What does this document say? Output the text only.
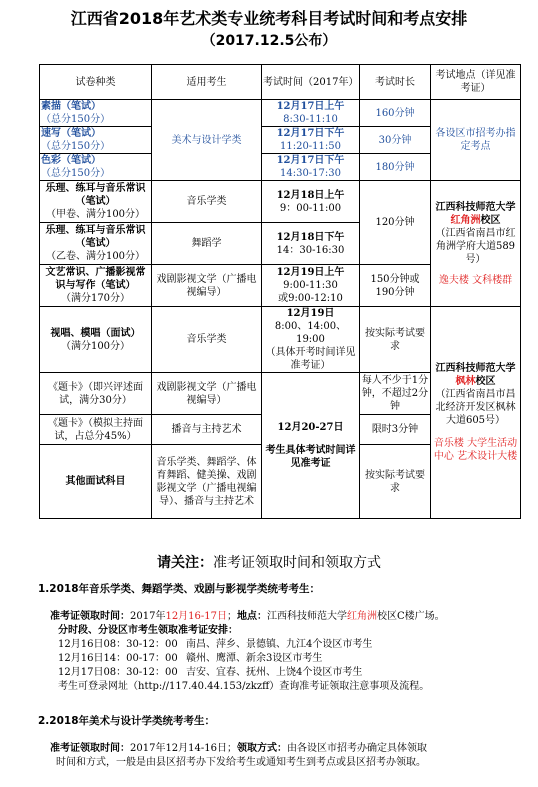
江西省2018年艺术类专业统考科目考试时间和考点安排
（2017.12.5公布）
试卷种类	适用考生	考试时间（2017年）	考试时长	考试地点（详见准考证）

素描（笔试）
（总分150分）	美术与设计学类	12月17日上午
8:30-11:10	160分钟	各设区市招考办指定考点

速写（笔试）
（总分150分）		12月17日下午
11:20-11:50	30分钟	

色彩（笔试）
（总分150分）		12月17日下午
14:30-17:30	180分钟	

乐理、练耳与音乐常识（笔试）
（甲卷、满分100分）	音乐学类	12月18日上午
9：00-11:00	120分钟	江西科技师范大学红角洲校区
（江西省南昌市红角洲学府大道589号）
逸夫楼 文科楼群

乐理、练耳与音乐常识（笔试）
（乙卷、满分100分）	舞蹈学	12月18日下午
14：30-16:30		

文艺常识、广播影视常识与写作（笔试）
（满分170分）	戏剧影视文学（广播电视编导）	12月19日上午
9:00-11:30
或9:00-12:10	150分钟或190分钟	

视唱、模唱（面试）
（满分100分）	音乐学类	12月19日
8:00、14:00、19:00
（具体开考时间详见准考证）	按实际考试要求	江西科技师范大学枫林校区
（江西省南昌市昌北经济开发区枫林大道605号）
音乐楼 大学生活动中心 艺术设计大楼

《题卡》（即兴评述面试，满分30分）	戏剧影视文学（广播电视编导）	12月20-27日
考生具体考试时间详见准考证	每人不少于1分钟，不超过2分钟	
《题卡》（模拟主持面试，占总分45%）	播音与主持艺术		限时3分钟	
其他面试科目	音乐学类、舞蹈学、体育舞蹈、健美操、戏剧影视文学（广播电视编导）、播音与主持艺术		按实际考试要求	
请关注：准考证领取时间和领取方式

1.2018年音乐学类、舞蹈学类、戏剧与影视学类统考考生：

准考证领取时间：2017年12月16-17日；地点：江西科技师范大学红角洲校区C楼广场。

分时段、分设区市考生领取准考证安排：

12月16日08：30-12：00 南昌、萍乡、景德镇、九江4个设区市考生

12月16日14：00-17：00 赣州、鹰潭、新余3设区市考生

12月17日08：30-12：00 吉安、宜春、抚州、上饶4个设区市考生

考生可登录网址（http://117.40.44.153/zkzff）查询准考证领取注意事项及流程。

2.2018年美术与设计学类统考考生：

准考证领取时间：2017年12月14-16日；领取方式：由各设区市招考办确定具体领取

时间和方式，一般是由县区招考办下发给考生或通知考生到考点或县区招考办领取。
